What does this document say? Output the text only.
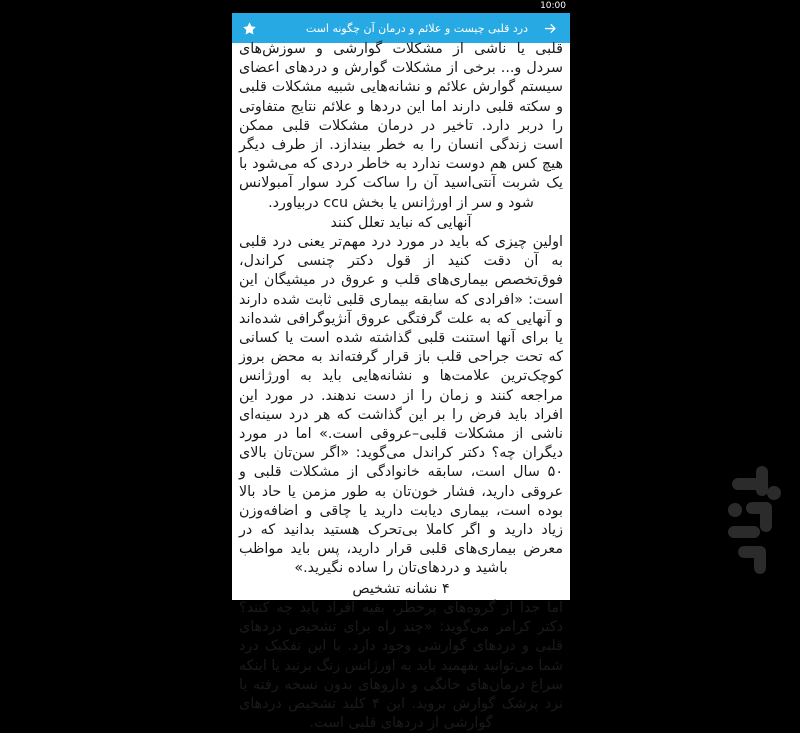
10:00
درد قلبی چیست و علائم و درمان آن چگونه است

قلبی یا ناشی از مشکلات گوارشی و سوزش‌های سردل و... برخی از مشکلات گوارش و دردهای اعضای سیستم گوارش علائم و نشانه‌هایی شبیه مشکلات قلبی و سکته قلبی دارند اما این دردها و علائم نتایج متفاوتی را دربر دارد. تاخیر در درمان مشکلات قلبی ممکن است زندگی انسان را به خطر بیندازد. از طرف دیگر هیچ کس هم دوست ندارد به خاطر دردی که می‌شود با یک شربت آنتی‌اسید آن را ساکت کرد سوار آمبولانس شود و سر از اورژانس یا بخش ccu دربیاورد.

آنهایی که نباید تعلل کنند

اولین چیزی که باید در مورد درد مهم‌تر یعنی درد قلبی به آن دقت کنید از قول دکتر چنسی کراندل، فوق‌تخصص بیماری‌های قلب و عروق در میشیگان این است: «افرادی که سابقه بیماری قلبی ثابت شده دارند و آنهایی که به علت گرفتگی عروق آنژیوگرافی شده‌اند یا برای آنها استنت قلبی گذاشته شده است یا کسانی که تحت جراحی قلب باز قرار گرفته‌اند به محض بروز کوچک‌ترین علامت‌ها و نشانه‌هایی باید به اورژانس مراجعه کنند و زمان را از دست ندهند. در مورد این افراد باید فرض را بر این گذاشت که هر درد سینه‌ای ناشی از مشکلات قلبی–عروقی است.» اما در مورد دیگران چه؟ دکتر کراندل می‌گوید: «اگر سن‌تان بالای ۵۰ سال است، سابقه خانوادگی از مشکلات قلبی و عروقی دارید، فشار خون‌تان به طور مزمن یا حاد بالا بوده است، بیماری دیابت دارید یا چاقی و اضافه‌وزن زیاد دارید و اگر کاملا بی‌تحرک هستید بدانید که در معرض بیماری‌های قلبی قرار دارید، پس باید مواظب باشید و دردهای‌تان را ساده نگیرید.»

۴ نشانه تشخیص

اما جدا از گروه‌های پرخطر، بقیه افراد باید چه کنند؟ دکتر کرامر می‌گوید: «چند راه برای تشخیص دردهای قلبی و دردهای گوارشی وجود دارد. با این تفکیک درد شما می‌توانید بفهمید باید به اورژانس زنگ بزنید یا اینکه سراغ درمان‌های خانگی و داروهای بدون نسخه رفته یا نزد پزشک گوارش بروید. این ۴ کلید تشخیص دردهای گوارشی از دردهای قلبی است.
